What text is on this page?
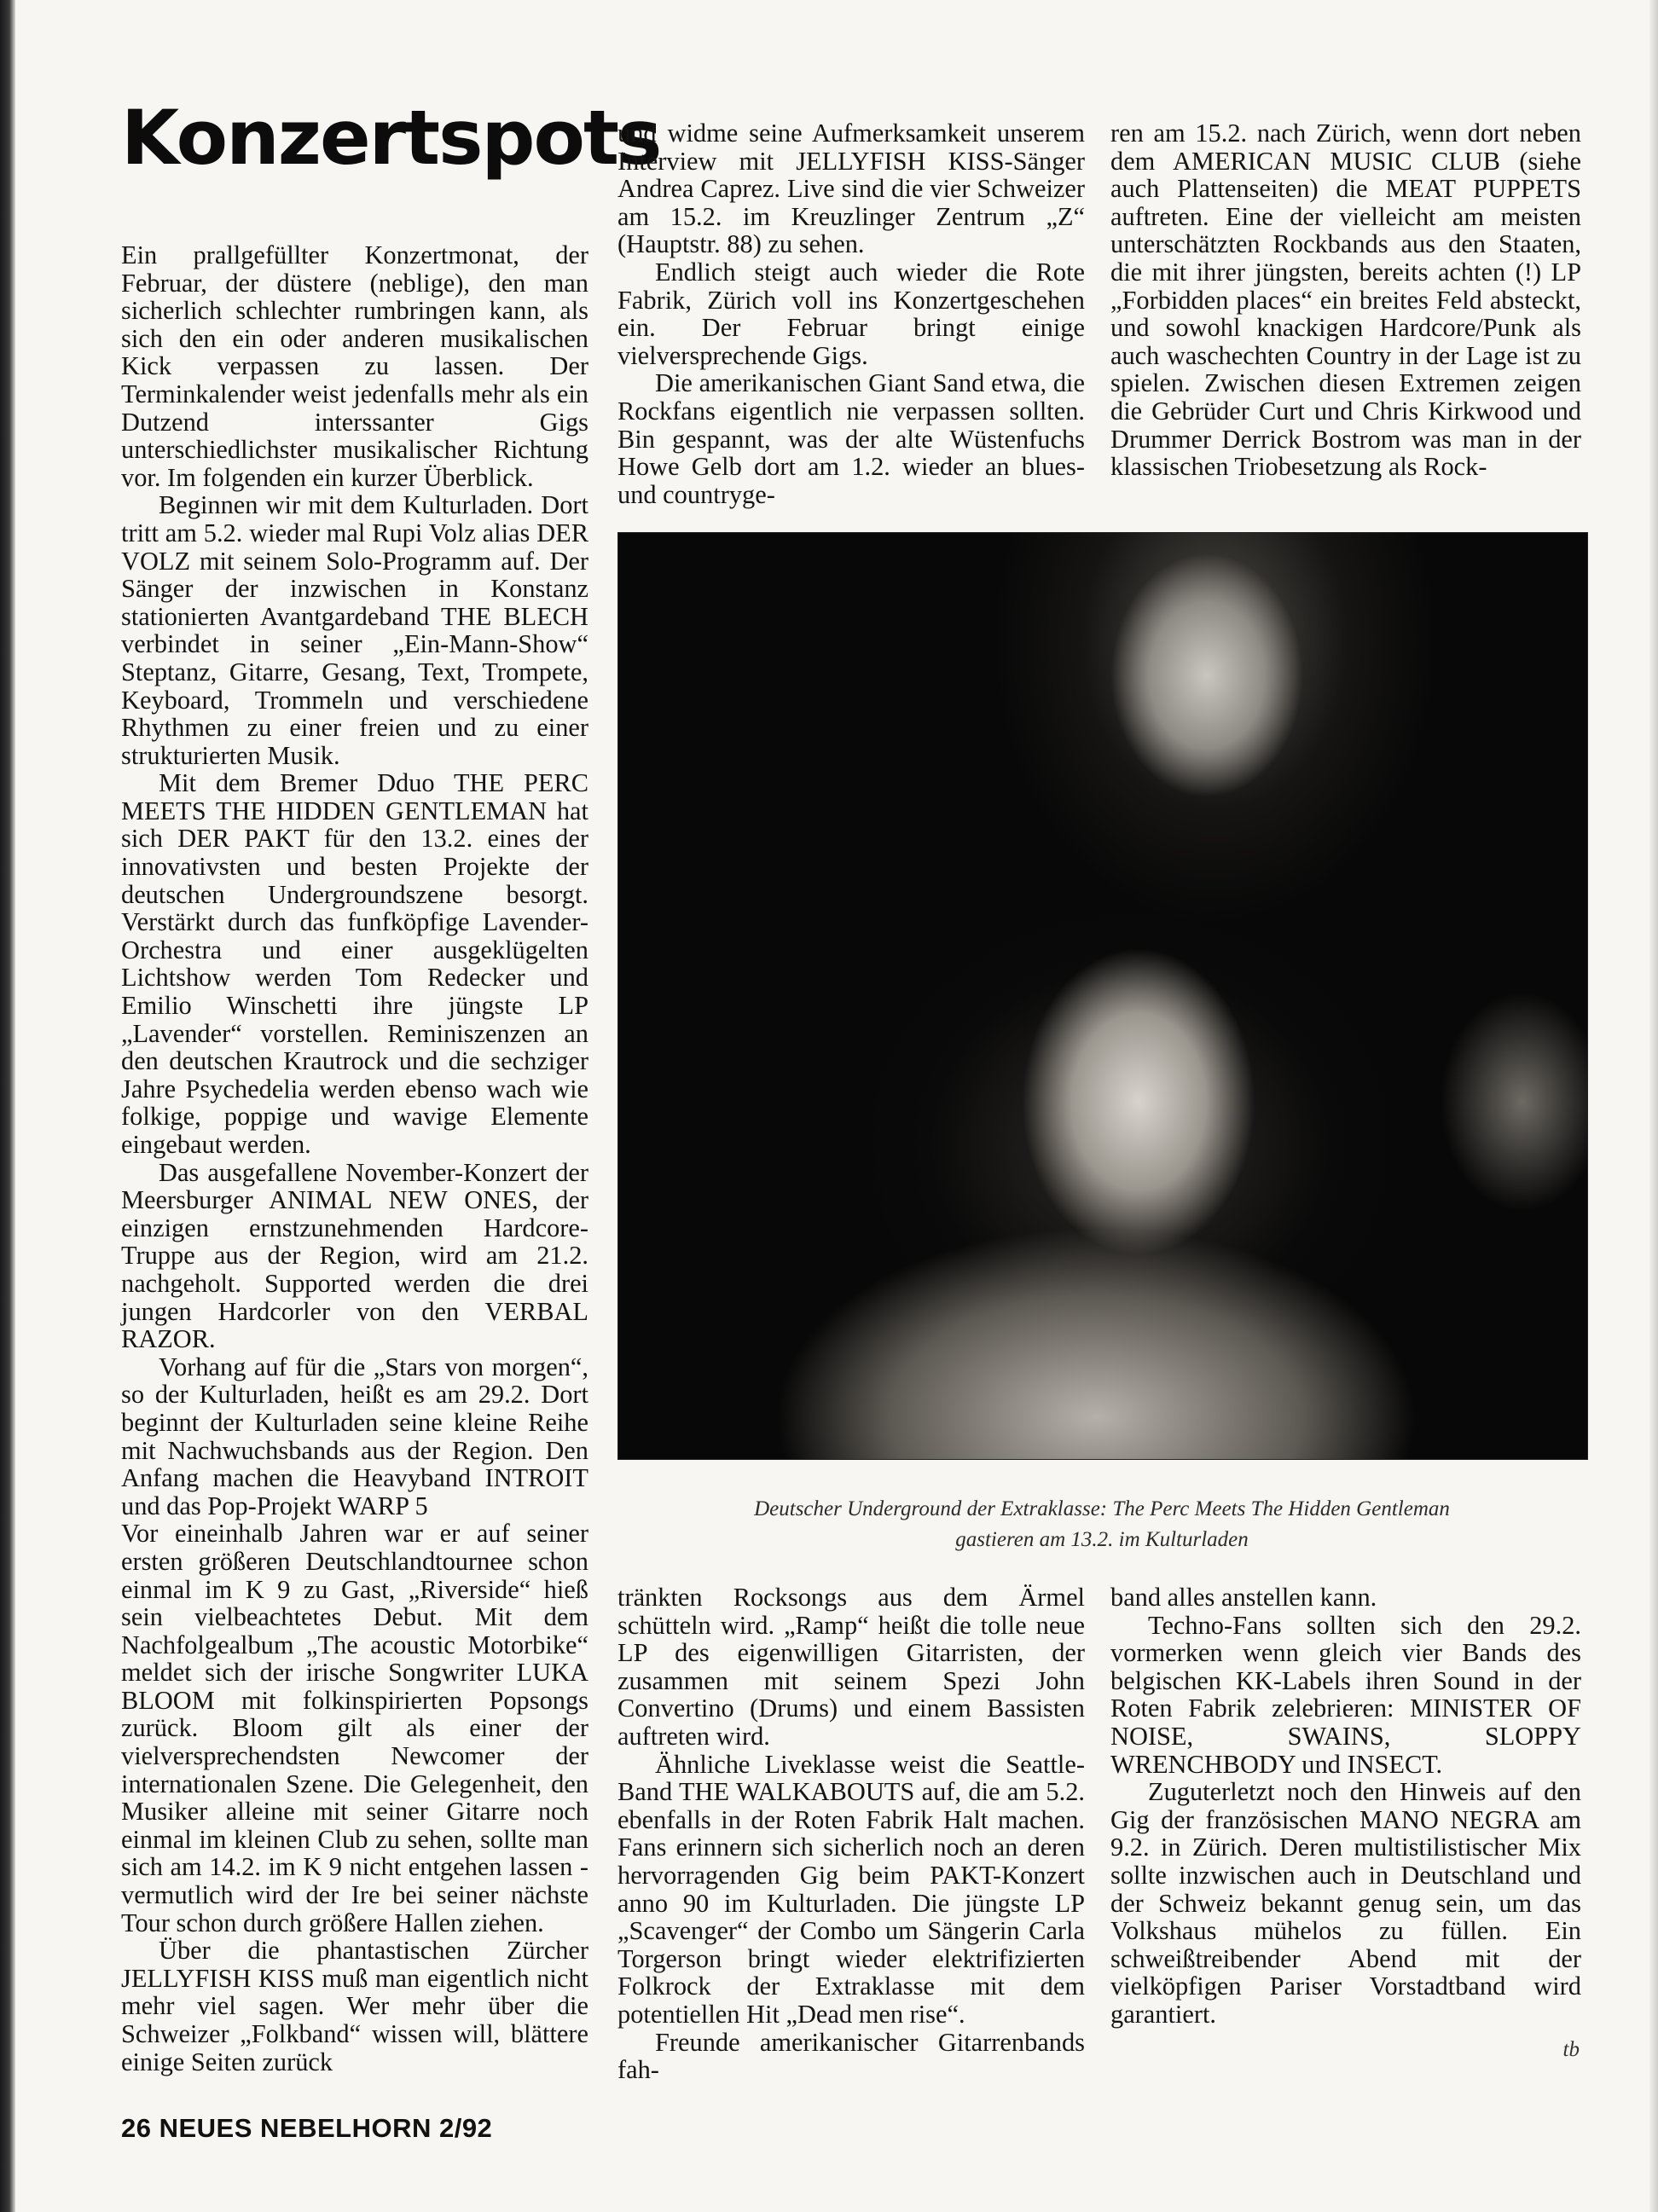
Konzertspots

Ein prallgefüllter Konzertmonat, der Februar, der düstere (neblige), den man sicherlich schlechter rumbringen kann, als sich den ein oder anderen musikalischen Kick verpassen zu lassen. Der Terminkalender weist jedenfalls mehr als ein Dutzend interssanter Gigs unterschiedlichster musikalischer Richtung vor. Im folgenden ein kurzer Überblick.

Beginnen wir mit dem Kulturladen. Dort tritt am 5.2. wieder mal Rupi Volz alias DER VOLZ mit seinem Solo-Programm auf. Der Sänger der inzwischen in Konstanz stationierten Avantgardeband THE BLECH verbindet in seiner „Ein-Mann-Show“ Steptanz, Gitarre, Gesang, Text, Trompete, Keyboard, Trommeln und verschiedene Rhythmen zu einer freien und zu einer strukturierten Musik.

Mit dem Bremer Dduo THE PERC MEETS THE HIDDEN GENTLEMAN hat sich DER PAKT für den 13.2. eines der innovativsten und besten Projekte der deutschen Undergroundszene besorgt. Verstärkt durch das funfköpfige Lavender-Orchestra und einer ausgeklügelten Lichtshow werden Tom Redecker und Emilio Winschetti ihre jüngste LP „Lavender“ vorstellen. Reminiszenzen an den deutschen Krautrock und die sechziger Jahre Psychedelia werden ebenso wach wie folkige, poppige und wavige Elemente eingebaut werden.

Das ausgefallene November-Konzert der Meersburger ANIMAL NEW ONES, der einzigen ernstzunehmenden Hardcore-Truppe aus der Region, wird am 21.2. nachgeholt. Supported werden die drei jungen Hardcorler von den VERBAL RAZOR.

Vorhang auf für die „Stars von morgen“, so der Kulturladen, heißt es am 29.2. Dort beginnt der Kulturladen seine kleine Reihe mit Nachwuchsbands aus der Region. Den Anfang machen die Heavyband INTROIT und das Pop-Projekt WARP 5

Vor eineinhalb Jahren war er auf seiner ersten größeren Deutschlandtournee schon einmal im K 9 zu Gast, „Riverside“ hieß sein vielbeachtetes Debut. Mit dem Nachfolgealbum „The acoustic Motorbike“ meldet sich der irische Songwriter LUKA BLOOM mit folkinspirierten Popsongs zurück. Bloom gilt als einer der vielversprechendsten Newcomer der internationalen Szene. Die Gelegenheit, den Musiker alleine mit seiner Gitarre noch einmal im kleinen Club zu sehen, sollte man sich am 14.2. im K 9 nicht entgehen lassen - vermutlich wird der Ire bei seiner nächste Tour schon durch größere Hallen ziehen.

Über die phantastischen Zürcher JELLYFISH KISS muß man eigentlich nicht mehr viel sagen. Wer mehr über die Schweizer „Folkband“ wissen will, blättere einige Seiten zurück

und widme seine Aufmerksamkeit unserem Interview mit JELLYFISH KISS-Sänger Andrea Caprez. Live sind die vier Schweizer am 15.2. im Kreuzlinger Zentrum „Z“ (Hauptstr. 88) zu sehen.

Endlich steigt auch wieder die Rote Fabrik, Zürich voll ins Konzertgeschehen ein. Der Februar bringt einige vielversprechende Gigs.

Die amerikanischen Giant Sand etwa, die Rockfans eigentlich nie verpassen sollten. Bin gespannt, was der alte Wüstenfuchs Howe Gelb dort am 1.2. wieder an blues- und countryge-

ren am 15.2. nach Zürich, wenn dort neben dem AMERICAN MUSIC CLUB (siehe auch Plattenseiten) die MEAT PUPPETS auftreten. Eine der vielleicht am meisten unterschätzten Rockbands aus den Staaten, die mit ihrer jüngsten, bereits achten (!) LP „Forbidden places“ ein breites Feld absteckt, und sowohl knackigen Hardcore/Punk als auch waschechten Country in der Lage ist zu spielen. Zwischen diesen Extremen zeigen die Gebrüder Curt und Chris Kirkwood und Drummer Derrick Bostrom was man in der klassischen Triobesetzung als Rock-

Deutscher Underground der Extraklasse: The Perc Meets The Hidden Gentleman
gastieren am 13.2. im Kulturladen

tränkten Rocksongs aus dem Ärmel schütteln wird. „Ramp“ heißt die tolle neue LP des eigenwilligen Gitarristen, der zusammen mit seinem Spezi John Convertino (Drums) und einem Bassisten auftreten wird.

Ähnliche Liveklasse weist die Seattle-Band THE WALKABOUTS auf, die am 5.2. ebenfalls in der Roten Fabrik Halt machen. Fans erinnern sich sicherlich noch an deren hervorragenden Gig beim PAKT-Konzert anno 90 im Kulturladen. Die jüngste LP „Scavenger“ der Combo um Sängerin Carla Torgerson bringt wieder elektrifizierten Folkrock der Extraklasse mit dem potentiellen Hit „Dead men rise“.

Freunde amerikanischer Gitarrenbands fah-

band alles anstellen kann.

Techno-Fans sollten sich den 29.2. vormerken wenn gleich vier Bands des belgischen KK-Labels ihren Sound in der Roten Fabrik zelebrieren: MINISTER OF NOISE, SWAINS, SLOPPY WRENCHBODY und INSECT.

Zuguterletzt noch den Hinweis auf den Gig der französischen MANO NEGRA am 9.2. in Zürich. Deren multistilistischer Mix sollte inzwischen auch in Deutschland und der Schweiz bekannt genug sein, um das Volkshaus mühelos zu füllen. Ein schweißtreibender Abend mit der vielköpfigen Pariser Vorstadtband wird garantiert.

tb
26 NEUES NEBELHORN 2/92
